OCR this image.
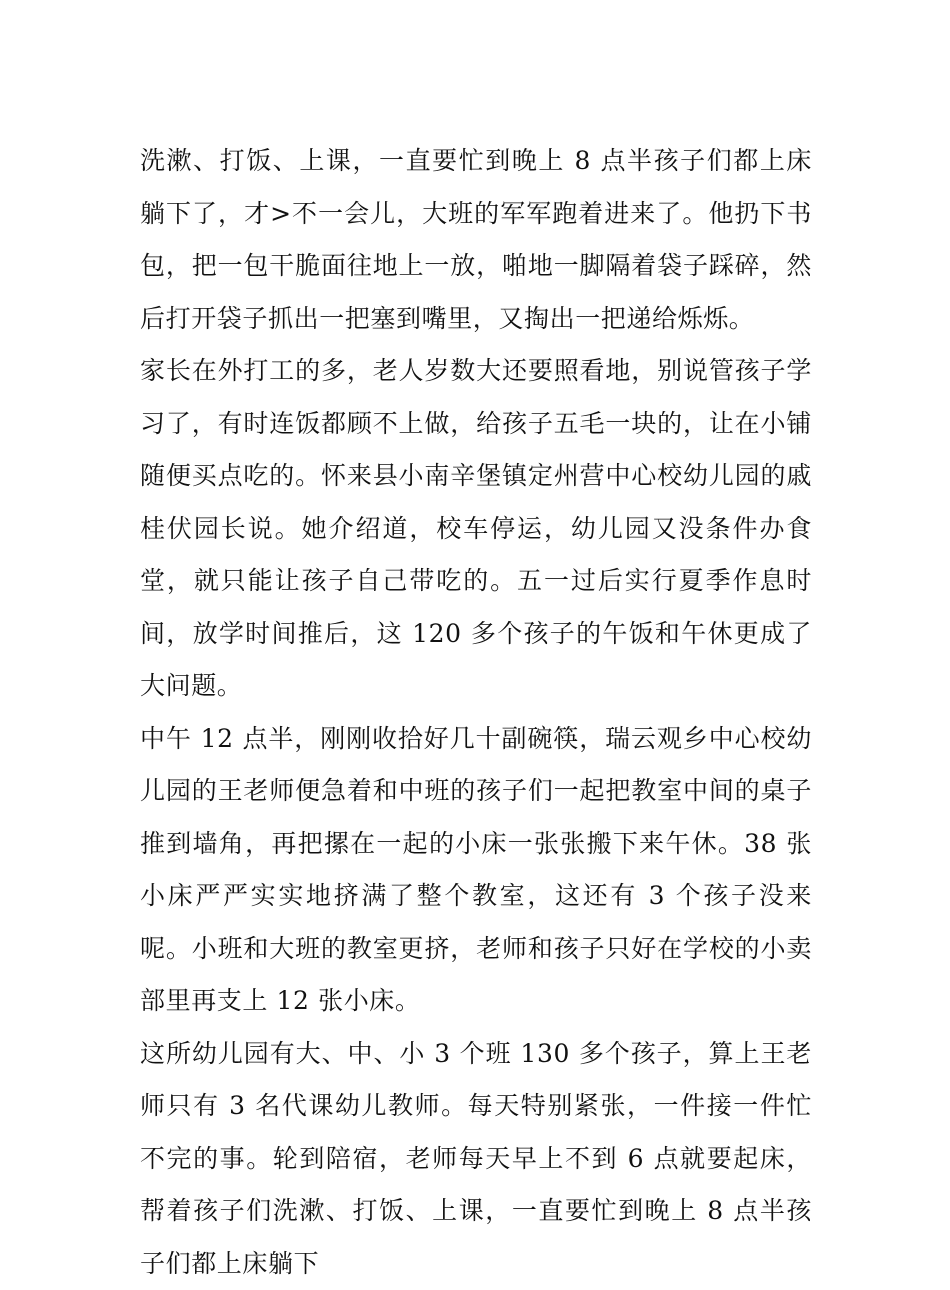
洗漱、打饭、上课，一直要忙到晚上 8 点半孩子们都上床躺下了，才>不一会儿，大班的军军跑着进来了。他扔下书包，把一包干脆面往地上一放，啪地一脚隔着袋子踩碎，然后打开袋子抓出一把塞到嘴里，又掏出一把递给烁烁。

家长在外打工的多，老人岁数大还要照看地，别说管孩子学习了，有时连饭都顾不上做，给孩子五毛一块的，让在小铺随便买点吃的。怀来县小南辛堡镇定州营中心校幼儿园的戚桂伏园长说。她介绍道，校车停运，幼儿园又没条件办食堂，就只能让孩子自己带吃的。五一过后实行夏季作息时间，放学时间推后，这 120 多个孩子的午饭和午休更成了大问题。

中午 12 点半，刚刚收拾好几十副碗筷，瑞云观乡中心校幼儿园的王老师便急着和中班的孩子们一起把教室中间的桌子推到墙角，再把摞在一起的小床一张张搬下来午休。38 张小床严严实实地挤满了整个教室，这还有 3 个孩子没来呢。小班和大班的教室更挤，老师和孩子只好在学校的小卖部里再支上 12 张小床。

这所幼儿园有大、中、小 3 个班 130 多个孩子，算上王老师只有 3 名代课幼儿教师。每天特别紧张，一件接一件忙不完的事。轮到陪宿，老师每天早上不到 6 点就要起床，帮着孩子们洗漱、打饭、上课，一直要忙到晚上 8 点半孩子们都上床躺下
